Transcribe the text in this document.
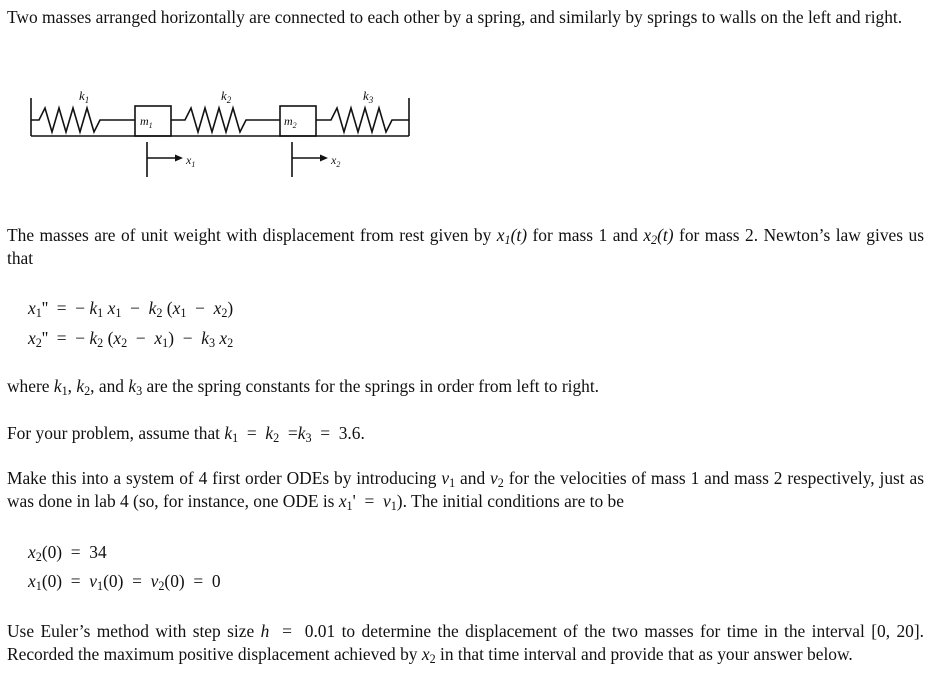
Two masses arranged horizontally are connected to each other by a spring, and similarly by springs to walls on the left and right.
$k_1$	$k_2$	$k_3$
$m_1$	$m_2$
$x_1$	$x_2$
The masses are of unit weight with displacement from rest given by $x_1(t)$ for mass 1 and $x_2(t)$ for mass 2. Newton’s law gives us that
$x_1''$  =  − $k_1$ $x_1 - k_2$ $(x_1 - x_2)$
$x_2''$  =  − $k_2$ $(x_2 - x_1) - k_3$ $x_2$
where $k_1$, $k_2$, and $k_3$ are the spring constants for the springs in order from left to right.
For your problem, assume that $k_1 = k_2 =k_3 = 3.6$.
Make this into a system of 4 first order ODEs by introducing $v_1$ and $v_2$ for the velocities of mass 1 and mass 2 respectively, just as was done in lab 4 (so, for instance, one ODE is $x_1' = v_1$). The initial conditions are to be
$x_2(0) = 34$
$x_1(0) = v_1(0) = v_2(0) = 0$
Use Euler’s method with step size h  =  0.01 to determine the displacement of the two masses for time in the interval [0, 20]. Recorded the maximum positive displacement achieved by $x_2$ in that time interval and provide that as your answer below.
